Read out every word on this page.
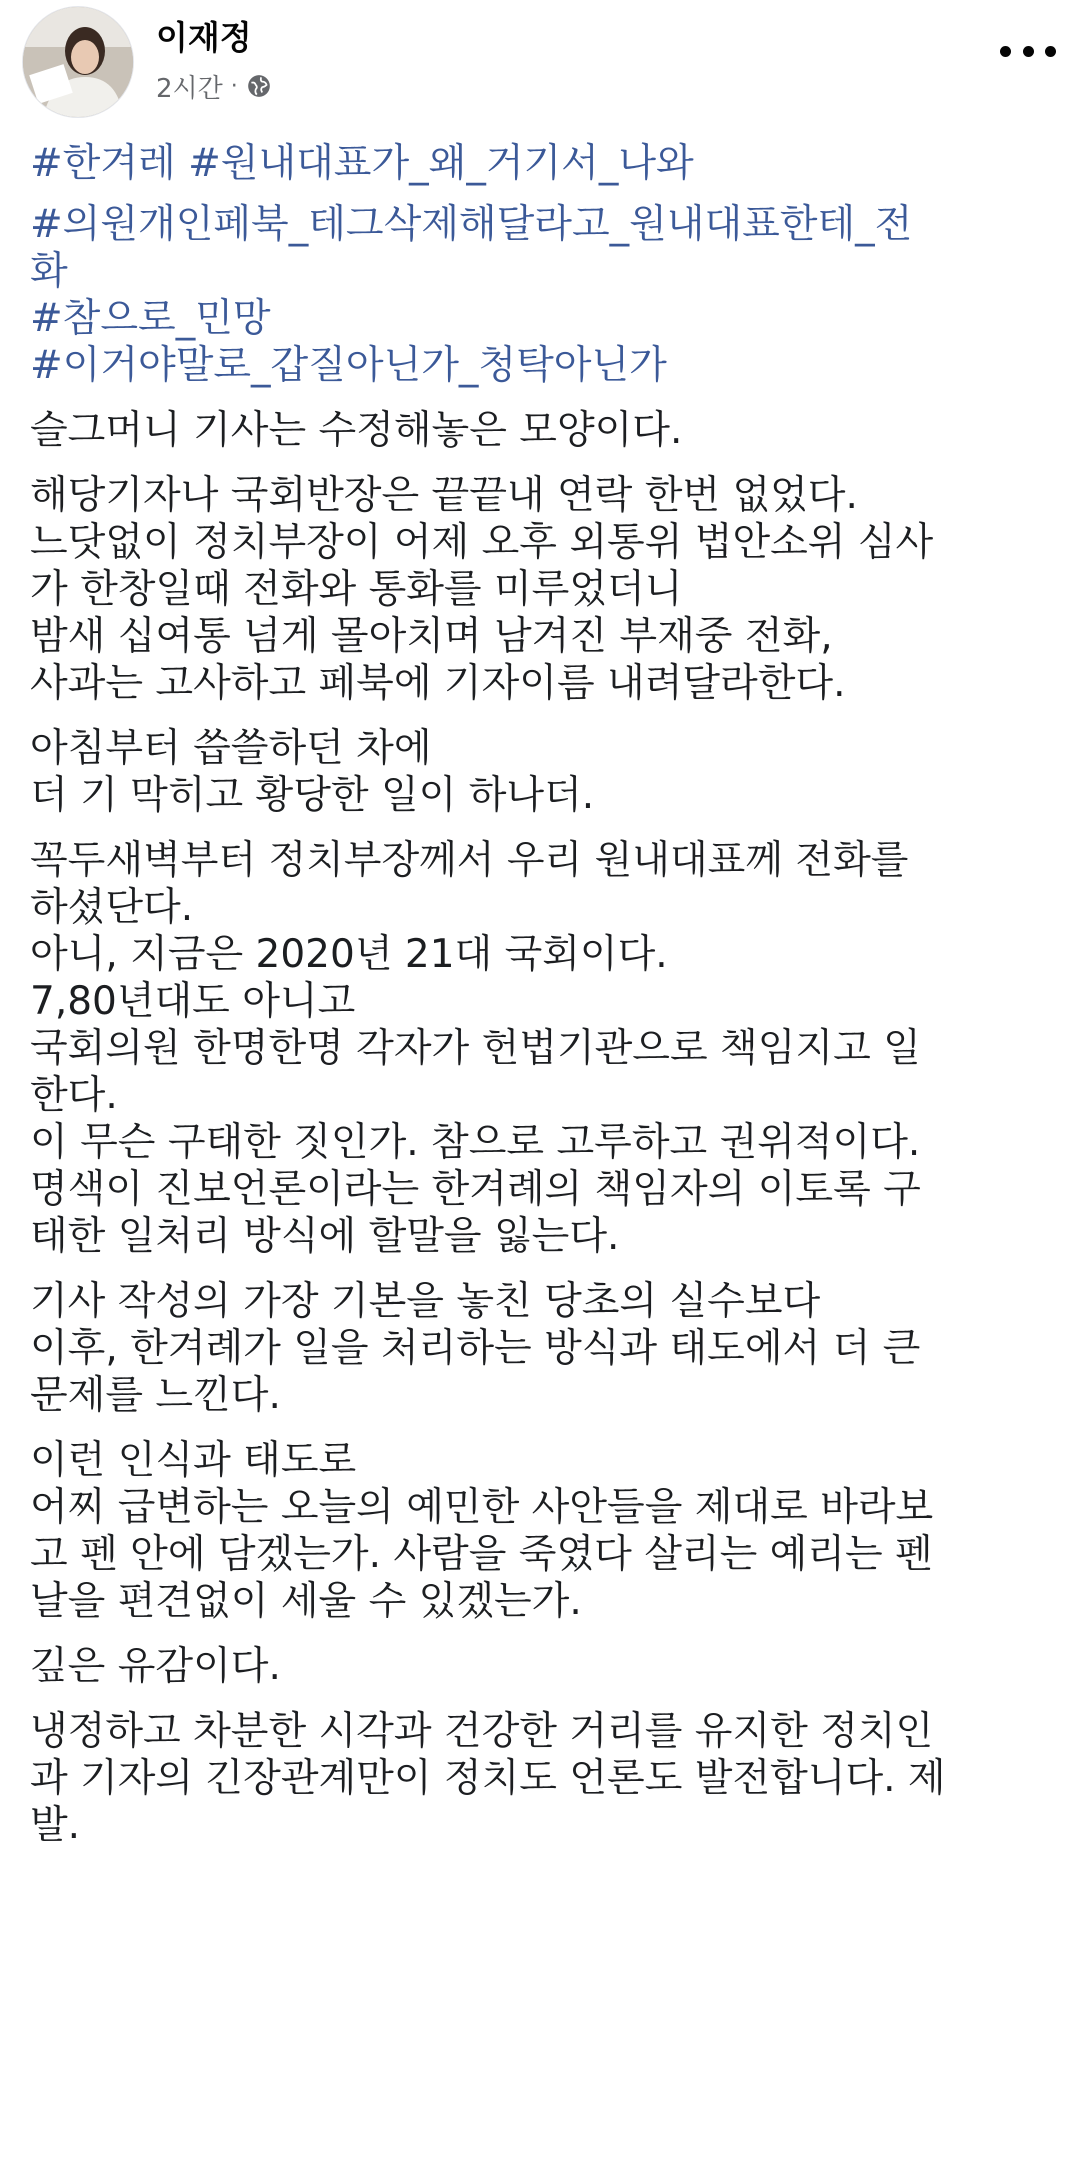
이재정
2시간 ·
#한겨레 #원내대표가_왜_거기서_나와
#의원개인페북_테그삭제해달라고_원내대표한테_전
화
#참으로_민망
#이거야말로_갑질아닌가_청탁아닌가
슬그머니 기사는 수정해놓은 모양이다.
해당기자나 국회반장은 끝끝내 연락 한번 없었다.
느닷없이 정치부장이 어제 오후 외통위 법안소위 심사
가 한창일때 전화와 통화를 미루었더니
밤새 십여통 넘게 몰아치며 남겨진 부재중 전화,
사과는 고사하고 페북에 기자이름 내려달라한다.
아침부터 씁쓸하던 차에
더 기 막히고 황당한 일이 하나더.
꼭두새벽부터 정치부장께서 우리 원내대표께 전화를
하셨단다.
아니, 지금은 2020년 21대 국회이다.
7,80년대도 아니고
국회의원 한명한명 각자가 헌법기관으로 책임지고 일
한다.
이 무슨 구태한 짓인가. 참으로 고루하고 권위적이다.
명색이 진보언론이라는 한겨례의 책임자의 이토록 구
태한 일처리 방식에 할말을 잃는다.
기사 작성의 가장 기본을 놓친 당초의 실수보다
이후, 한겨례가 일을 처리하는 방식과 태도에서 더 큰
문제를 느낀다.
이런 인식과 태도로
어찌 급변하는 오늘의 예민한 사안들을 제대로 바라보
고 펜 안에 담겠는가. 사람을 죽였다 살리는 예리는 펜
날을 편견없이 세울 수 있겠는가.
깊은 유감이다.
냉정하고 차분한 시각과 건강한 거리를 유지한 정치인
과 기자의 긴장관계만이 정치도 언론도 발전합니다. 제
발.
